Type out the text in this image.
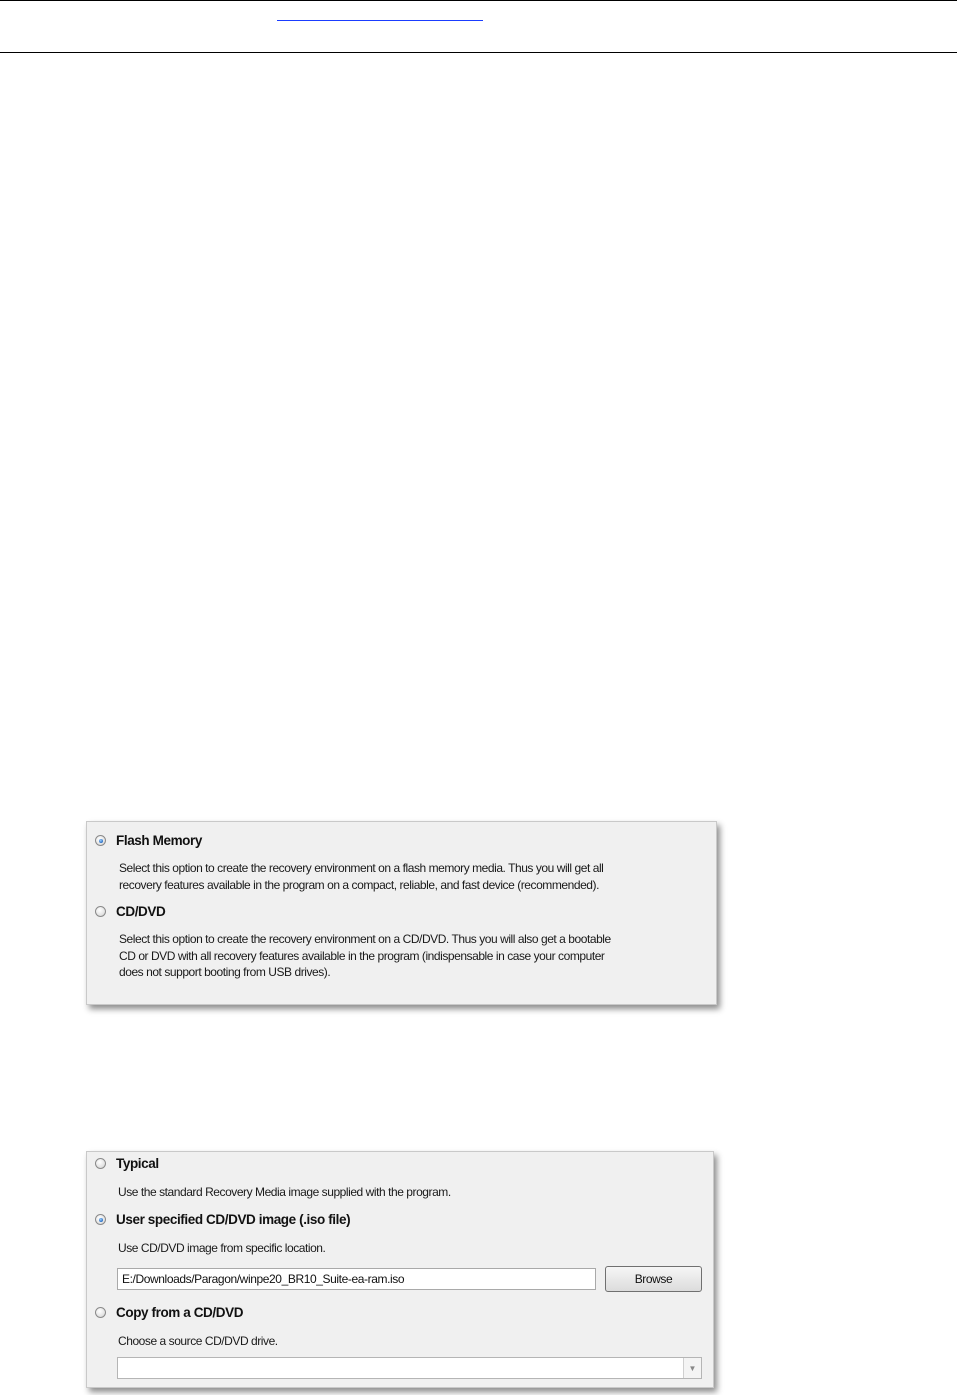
Flash Memory
Select this option to create the recovery environment on a flash memory media. Thus you will get all
recovery features available in the program on a compact, reliable, and fast device (recommended).
CD/DVD
Select this option to create the recovery environment on a CD/DVD. Thus you will also get a bootable
CD or DVD with all recovery features available in the program (indispensable in case your computer
does not support booting from USB drives).
Typical
Use the standard Recovery Media image supplied with the program.
User specified CD/DVD image (.iso file)
Use CD/DVD image from specific location.
E:/Downloads/Paragon/winpe20_BR10_Suite-ea-ram.iso
Browse
Copy from a CD/DVD
Choose a source CD/DVD drive.
▼
